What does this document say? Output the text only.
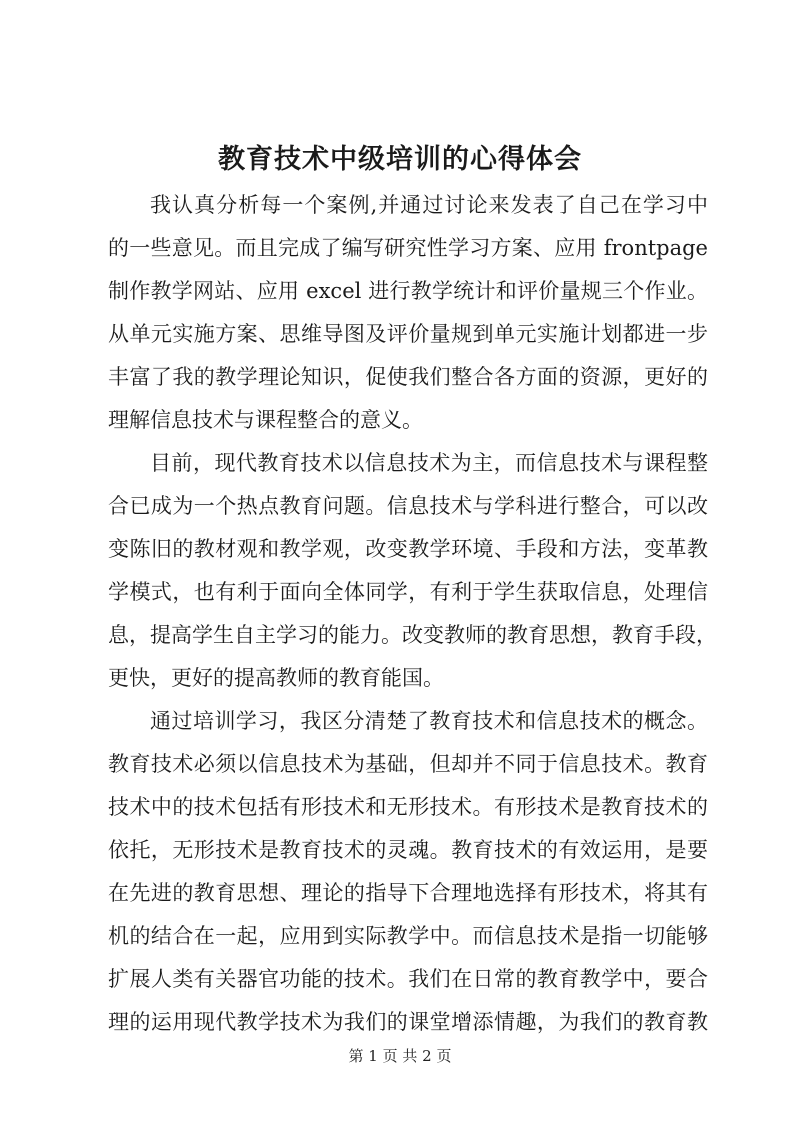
教育技术中级培训的心得体会
我认真分析每一个案例,并通过讨论来发表了自己在学习中
的一些意见。而且完成了编写研究性学习方案、应用 frontpage
制作教学网站、应用 excel 进行教学统计和评价量规三个作业。
从单元实施方案、思维导图及评价量规到单元实施计划都进一步
丰富了我的教学理论知识，促使我们整合各方面的资源，更好的
理解信息技术与课程整合的意义。
目前，现代教育技术以信息技术为主，而信息技术与课程整
合已成为一个热点教育问题。信息技术与学科进行整合，可以改
变陈旧的教材观和教学观，改变教学环境、手段和方法，变革教
学模式，也有利于面向全体同学，有利于学生获取信息，处理信
息，提高学生自主学习的能力。改变教师的教育思想，教育手段，
更快，更好的提高教师的教育能国。
通过培训学习，我区分清楚了教育技术和信息技术的概念。
教育技术必须以信息技术为基础，但却并不同于信息技术。教育
技术中的技术包括有形技术和无形技术。有形技术是教育技术的
依托，无形技术是教育技术的灵魂。教育技术的有效运用，是要
在先进的教育思想、理论的指导下合理地选择有形技术，将其有
机的结合在一起，应用到实际教学中。而信息技术是指一切能够
扩展人类有关器官功能的技术。我们在日常的教育教学中，要合
理的运用现代教学技术为我们的课堂增添情趣，为我们的教育教
第 1 页 共 2 页
